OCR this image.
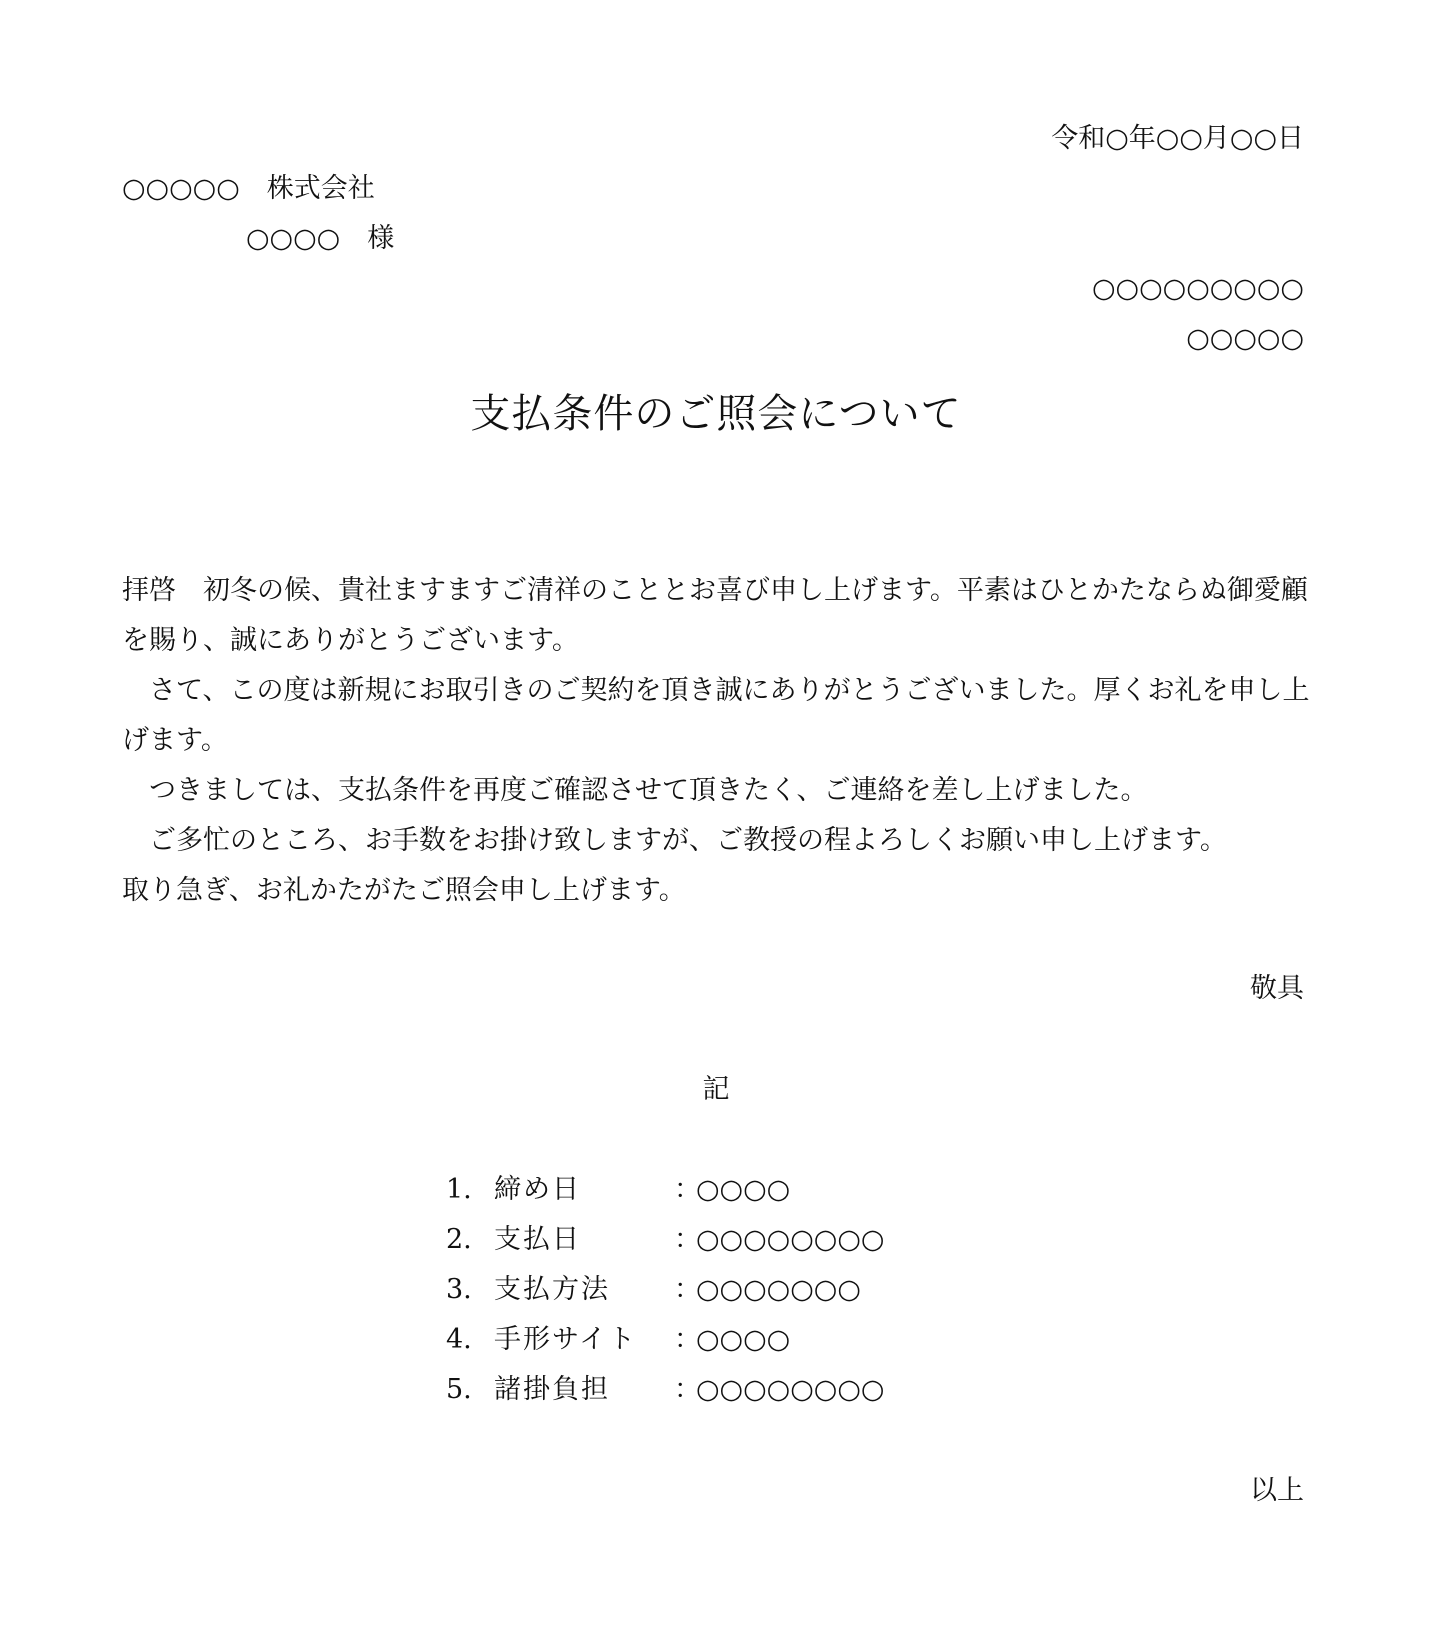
令和○年○○月○○日
○○○○○　株式会社
○○○○　様
○○○○○○○○○
○○○○○
支払条件のご照会について

拝啓　初冬の候、貴社ますますご清祥のこととお喜び申し上げます。平素はひとかたならぬ御愛顧を賜り、誠にありがとうございます。

さて、この度は新規にお取引きのご契約を頂き誠にありがとうございました。厚くお礼を申し上げます。

つきましては、支払条件を再度ご確認させて頂きたく、ご連絡を差し上げました。

ご多忙のところ、お手数をお掛け致しますが、ご教授の程よろしくお願い申し上げます。

取り急ぎ、お礼かたがたご照会申し上げます。

敬具
記
1. 締め日	：
○○○○
2. 支払日	：
○○○○○○○○
3. 支払方法	：
○○○○○○○
4. 手形サイト	：
○○○○
5. 諸掛負担	：
○○○○○○○○
以上
